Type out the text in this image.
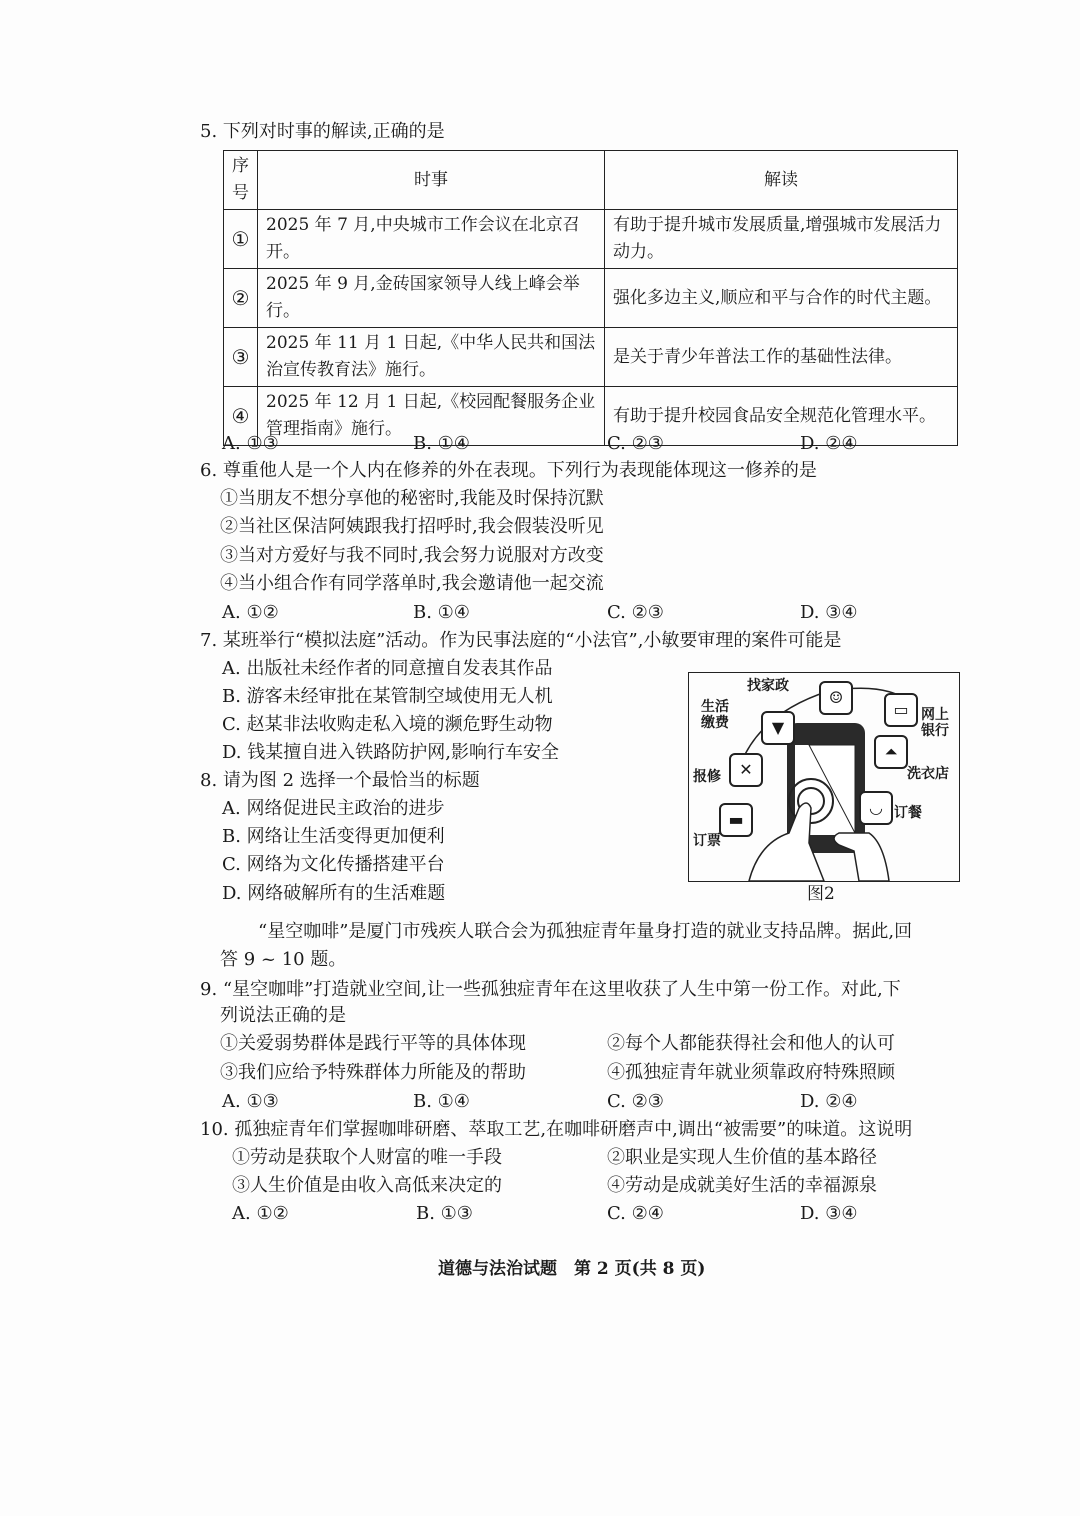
5. 下列对时事的解读,正确的是
序号	时事	解读
①	2025 年 7 月,中央城市工作会议在北京召开。	有助于提升城市发展质量,增强城市发展活力动力。
②	2025 年 9 月,金砖国家领导人线上峰会举行。	强化多边主义,顺应和平与合作的时代主题。
③	2025 年 11 月 1 日起,《中华人民共和国法治宣传教育法》施行。	是关于青少年普法工作的基础性法律。
④	2025 年 12 月 1 日起,《校园配餐服务企业管理指南》施行。	有助于提升校园食品安全规范化管理水平。
A. ①③	B. ①④	C. ②③	D. ②④
6. 尊重他人是一个人内在修养的外在表现。下列行为表现能体现这一修养的是
①当朋友不想分享他的秘密时,我能及时保持沉默
②当社区保洁阿姨跟我打招呼时,我会假装没听见
③当对方爱好与我不同时,我会努力说服对方改变
④当小组合作有同学落单时,我会邀请他一起交流
A. ①②	B. ①④	C. ②③	D. ③④
7. 某班举行“模拟法庭”活动。作为民事法庭的“小法官”,小敏要审理的案件可能是
A. 出版社未经作者的同意擅自发表其作品
B. 游客未经审批在某管制空域使用无人机
C. 赵某非法收购走私入境的濒危野生动物
D. 钱某擅自进入铁路防护网,影响行车安全
8. 请为图 2 选择一个最恰当的标题
A. 网络促进民主政治的进步
B. 网络让生活变得更加便利
C. 网络为文化传播搭建平台
D. 网络破解所有的生活难题
☺
▼
▭
✕
⏶
◡
▬
找家政
生活缴费	网上银行
报修	洗衣店
订餐
订票
图2
“星空咖啡”是厦门市残疾人联合会为孤独症青年量身打造的就业支持品牌。据此,回
答 9 ~ 10 题。
9. “星空咖啡”打造就业空间,让一些孤独症青年在这里收获了人生中第一份工作。对此,下
列说法正确的是
①关爱弱势群体是践行平等的具体体现	②每个人都能获得社会和他人的认可
③我们应给予特殊群体力所能及的帮助	④孤独症青年就业须靠政府特殊照顾
A. ①③	B. ①④	C. ②③	D. ②④
10. 孤独症青年们掌握咖啡研磨、萃取工艺,在咖啡研磨声中,调出“被需要”的味道。这说明
①劳动是获取个人财富的唯一手段	②职业是实现人生价值的基本路径
③人生价值是由收入高低来决定的	④劳动是成就美好生活的幸福源泉
A. ①②	B. ①③	C. ②④	D. ③④
道德与法治试题　第 2 页(共 8 页)
